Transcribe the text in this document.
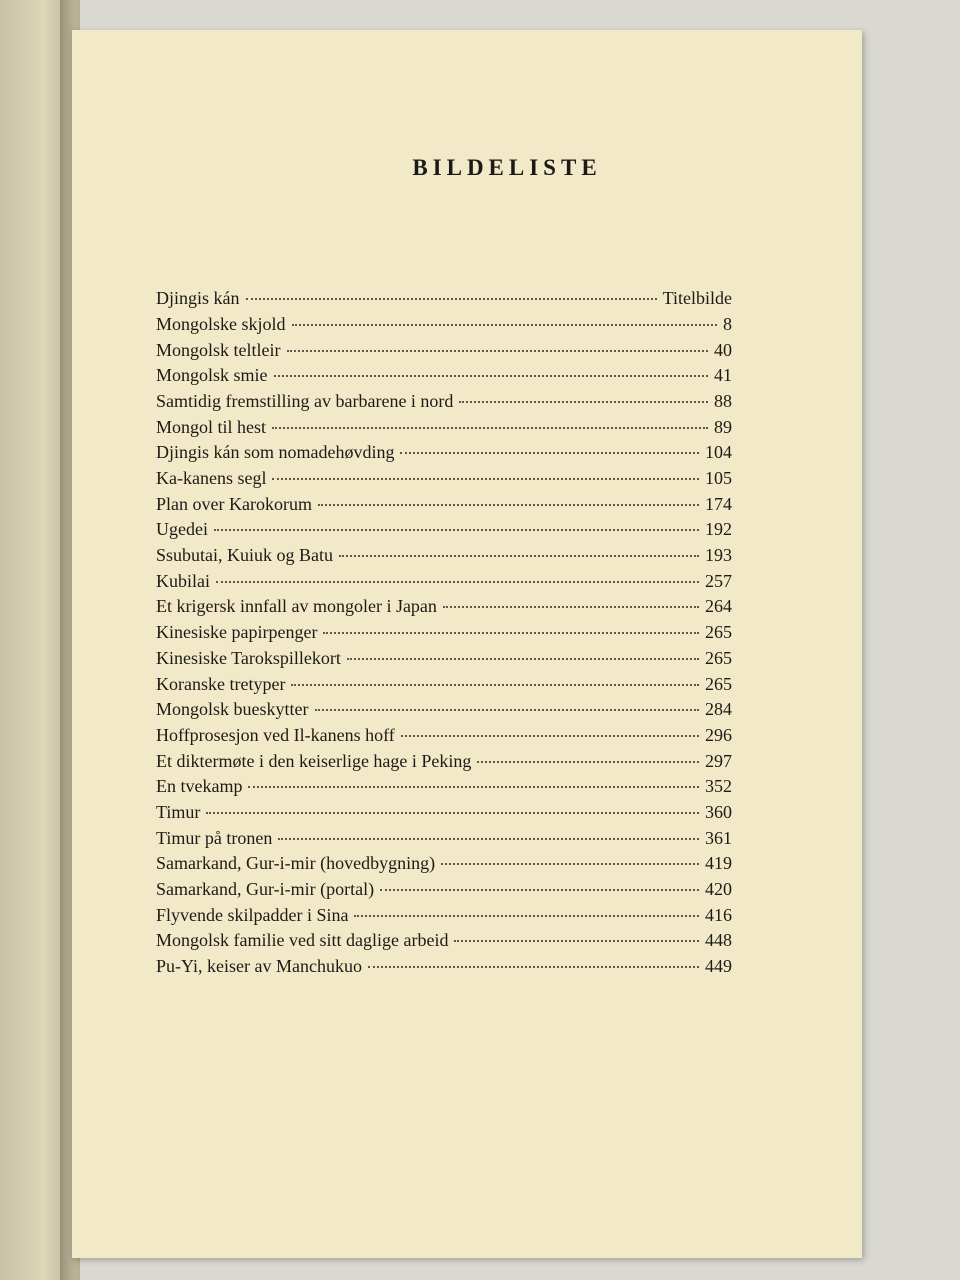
BILDELISTE
Djingis kán	Titelbilde
Mongolske skjold	8
Mongolsk teltleir	40
Mongolsk smie	41
Samtidig fremstilling av barbarene i nord	88
Mongol til hest	89
Djingis kán som nomadehøvding	104
Ka-kanens segl	105
Plan over Karokorum	174
Ugedei	192
Ssubutai, Kuiuk og Batu	193
Kubilai	257
Et krigersk innfall av mongoler i Japan	264
Kinesiske papirpenger	265
Kinesiske Tarokspillekort	265
Koranske tretyper	265
Mongolsk bueskytter	284
Hoffprosesjon ved Il-kanens hoff	296
Et diktermøte i den keiserlige hage i Peking	297
En tvekamp	352
Timur	360
Timur på tronen	361
Samarkand, Gur-i-mir (hovedbygning)	419
Samarkand, Gur-i-mir (portal)	420
Flyvende skilpadder i Sina	416
Mongolsk familie ved sitt daglige arbeid	448
Pu-Yi, keiser av Manchukuo	449
